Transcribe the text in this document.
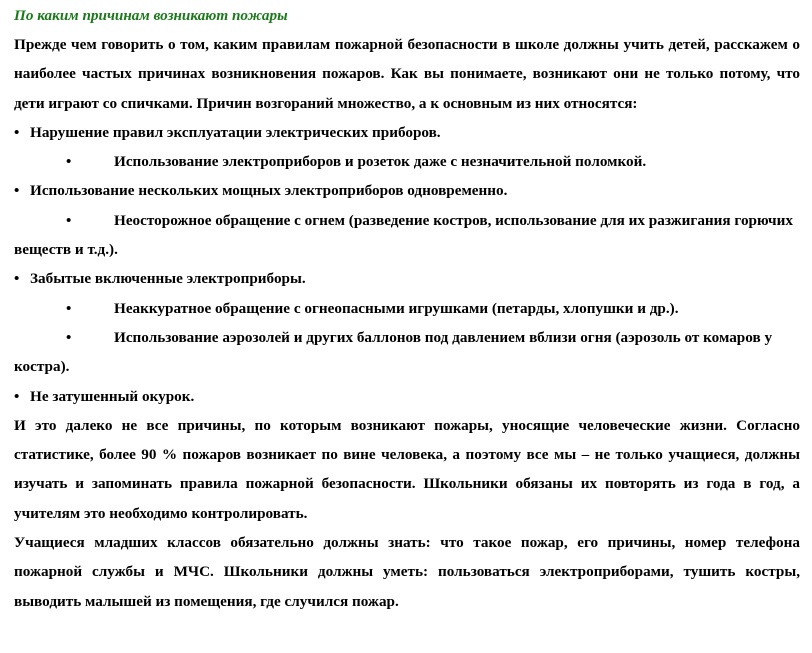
По каким причинам возникают пожары

Прежде чем говорить о том, каким правилам пожарной безопасности в школе должны учить детей, расскажем о наиболее частых причинах возникновения пожаров. Как вы понимаете, возникают они не только потому, что дети играют со спичками. Причин возгораний множество, а к основным из них относятся:

• Нарушение правил эксплуатации электрических приборов.

•	Использование электроприборов и розеток даже с незначительной поломкой.

• Использование нескольких мощных электроприборов одновременно.

•	Неосторожное обращение с огнем (разведение костров, использование для их разжигания горючих веществ и т.д.).

• Забытые включенные электроприборы.

•	Неаккуратное обращение с огнеопасными игрушками (петарды, хлопушки и др.).

•	Использование аэрозолей и других баллонов под давлением вблизи огня (аэрозоль от комаров у костра).

• Не затушенный окурок.

И это далеко не все причины, по которым возникают пожары, уносящие человеческие жизни. Согласно статистике, более 90 % пожаров возникает по вине человека, а поэтому все мы – не только учащиеся, должны изучать и запоминать правила пожарной безопасности. Школьники обязаны их повторять из года в год, а учителям это необходимо контролировать.

Учащиеся младших классов обязательно должны знать: что такое пожар, его причины, номер телефона пожарной службы и МЧС. Школьники должны уметь: пользоваться электроприборами, тушить костры, выводить малышей из помещения, где случился пожар.
